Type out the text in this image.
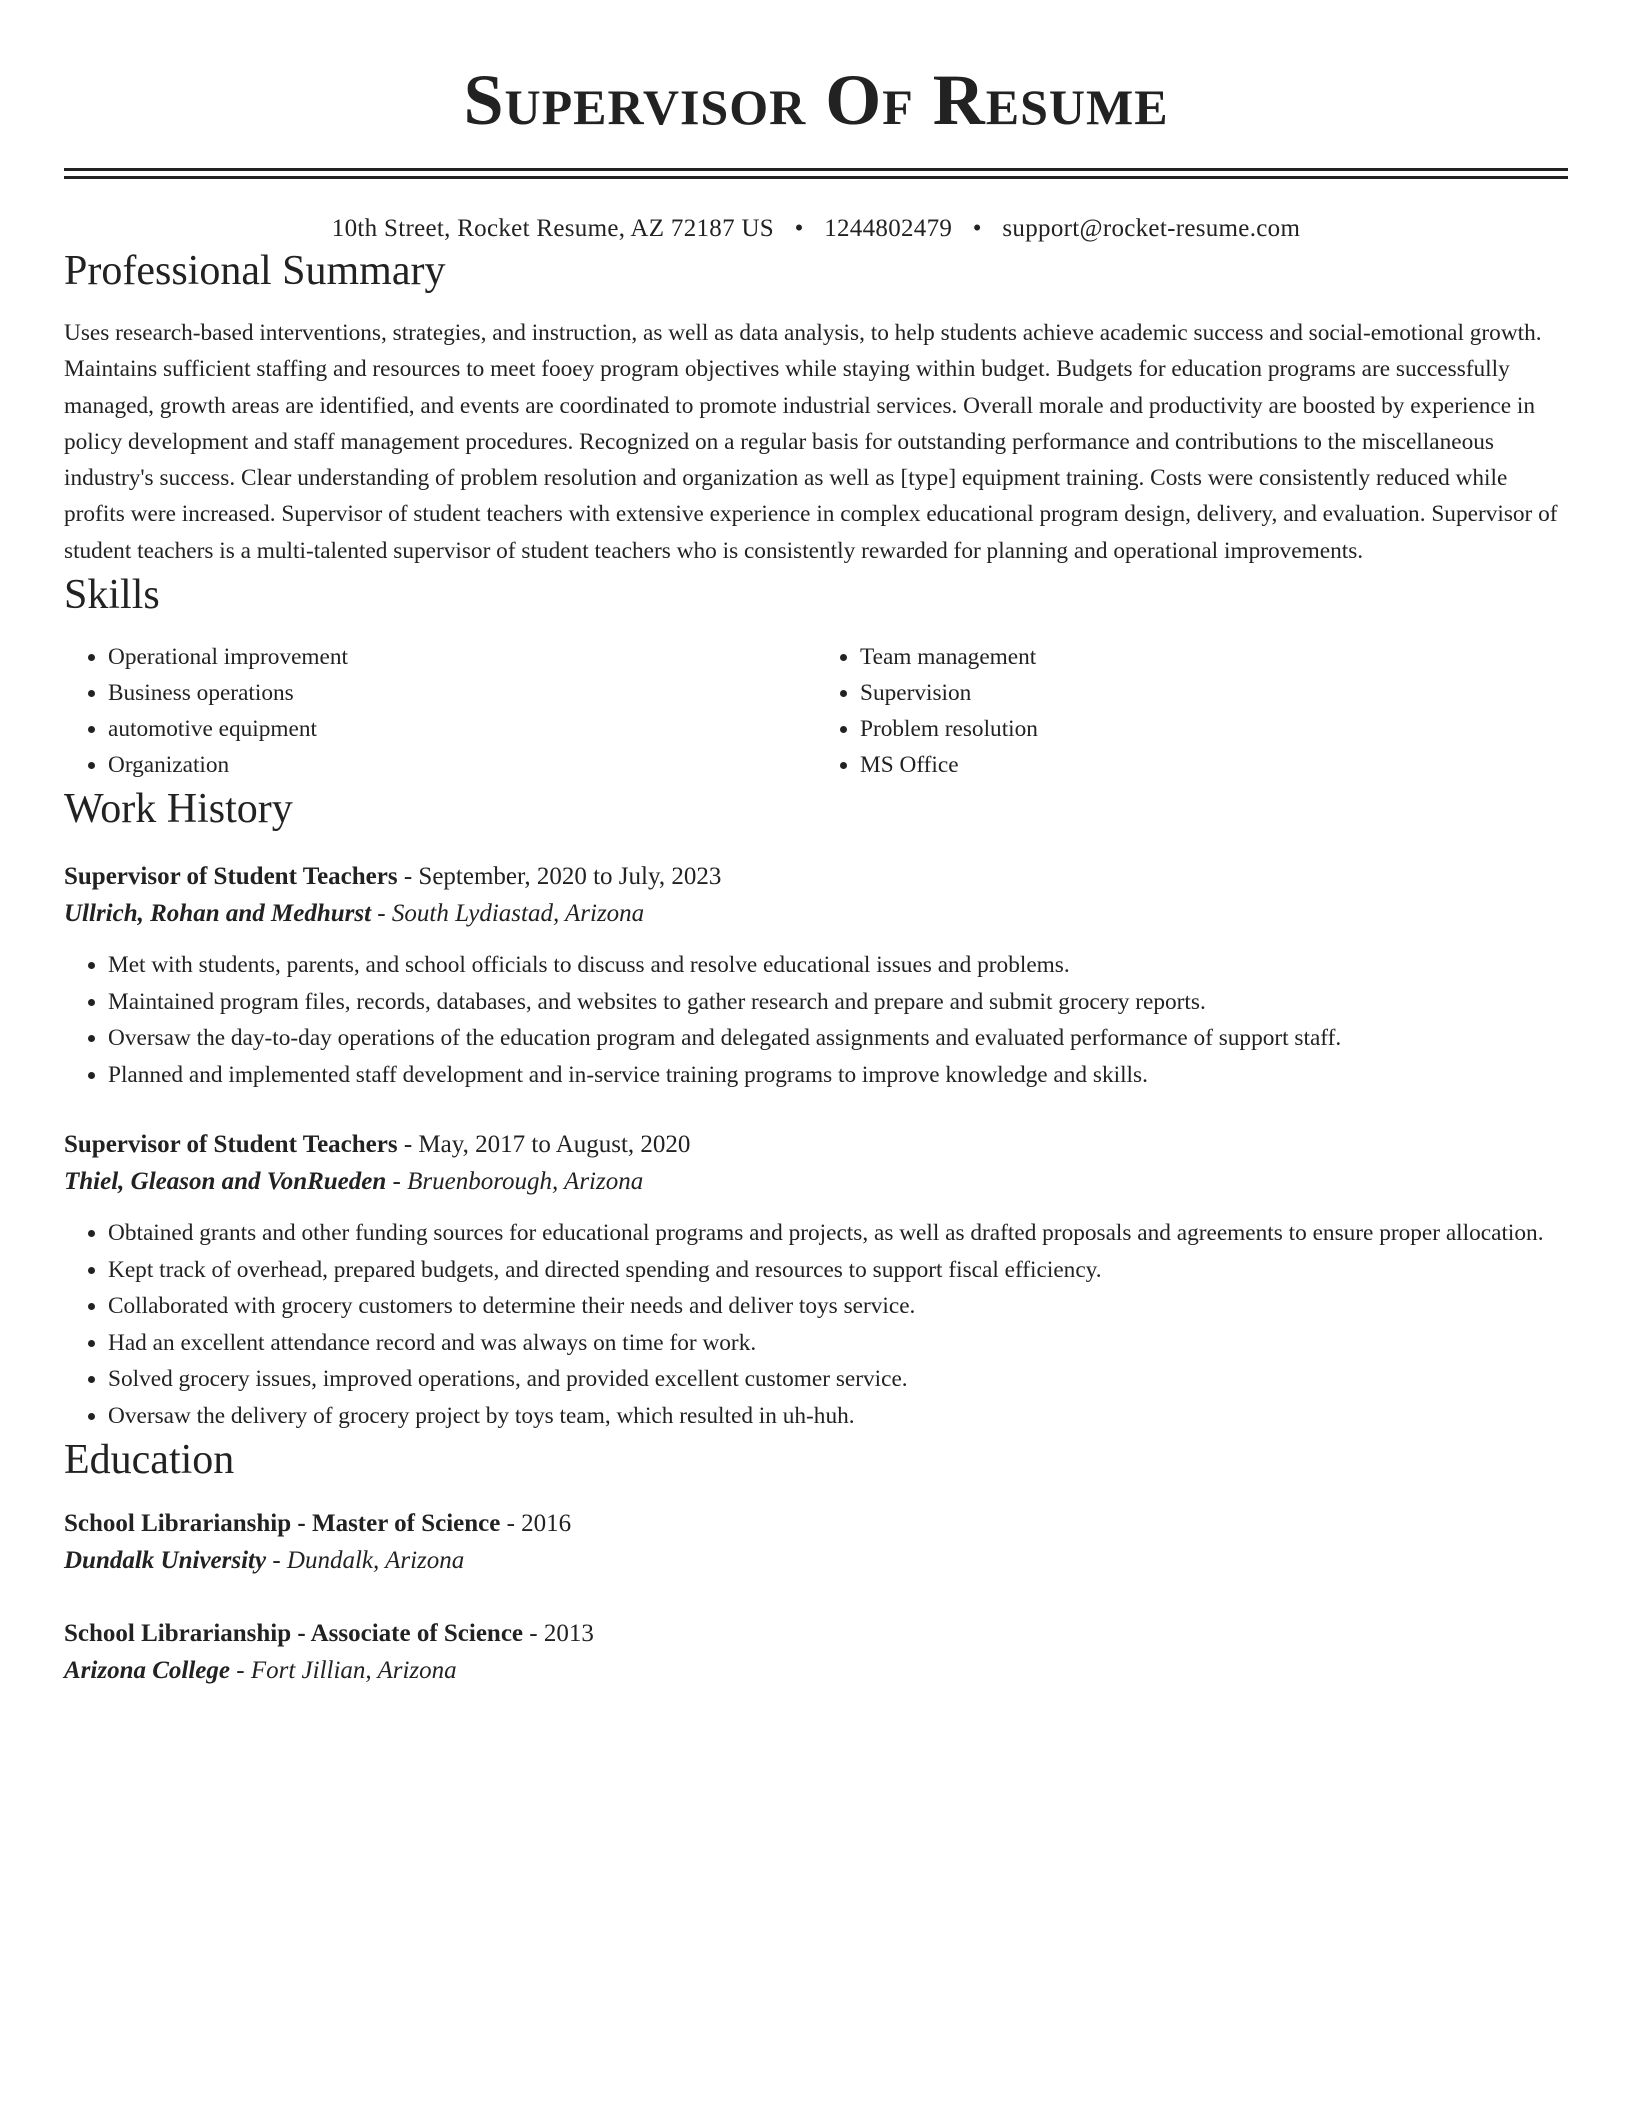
Supervisor Of Resume
10th Street, Rocket Resume, AZ 72187 US • 1244802479 • support@rocket-resume.com
Professional Summary

Uses research-based interventions, strategies, and instruction, as well as data analysis, to help students achieve academic success and social-emotional growth. Maintains sufficient staffing and resources to meet fooey program objectives while staying within budget. Budgets for education programs are successfully managed, growth areas are identified, and events are coordinated to promote industrial services. Overall morale and productivity are boosted by experience in policy development and staff management procedures. Recognized on a regular basis for outstanding performance and contributions to the miscellaneous industry's success. Clear understanding of problem resolution and organization as well as [type] equipment training. Costs were consistently reduced while profits were increased. Supervisor of student teachers with extensive experience in complex educational program design, delivery, and evaluation. Supervisor of student teachers is a multi-talented supervisor of student teachers who is consistently rewarded for planning and operational improvements.

Skills
• Operational improvement
• Business operations
• automotive equipment
• Organization
• Team management
• Supervision
• Problem resolution
• MS Office
Work History
Supervisor of Student Teachers - September, 2020 to July, 2023
Ullrich, Rohan and Medhurst - South Lydiastad, Arizona
• Met with students, parents, and school officials to discuss and resolve educational issues and problems.
• Maintained program files, records, databases, and websites to gather research and prepare and submit grocery reports.
• Oversaw the day-to-day operations of the education program and delegated assignments and evaluated performance of support staff.
• Planned and implemented staff development and in-service training programs to improve knowledge and skills.
Supervisor of Student Teachers - May, 2017 to August, 2020
Thiel, Gleason and VonRueden - Bruenborough, Arizona
• Obtained grants and other funding sources for educational programs and projects, as well as drafted proposals and agreements to ensure proper allocation.
• Kept track of overhead, prepared budgets, and directed spending and resources to support fiscal efficiency.
• Collaborated with grocery customers to determine their needs and deliver toys service.
• Had an excellent attendance record and was always on time for work.
• Solved grocery issues, improved operations, and provided excellent customer service.
• Oversaw the delivery of grocery project by toys team, which resulted in uh-huh.
Education
School Librarianship - Master of Science - 2016
Dundalk University - Dundalk, Arizona
School Librarianship - Associate of Science - 2013
Arizona College - Fort Jillian, Arizona
